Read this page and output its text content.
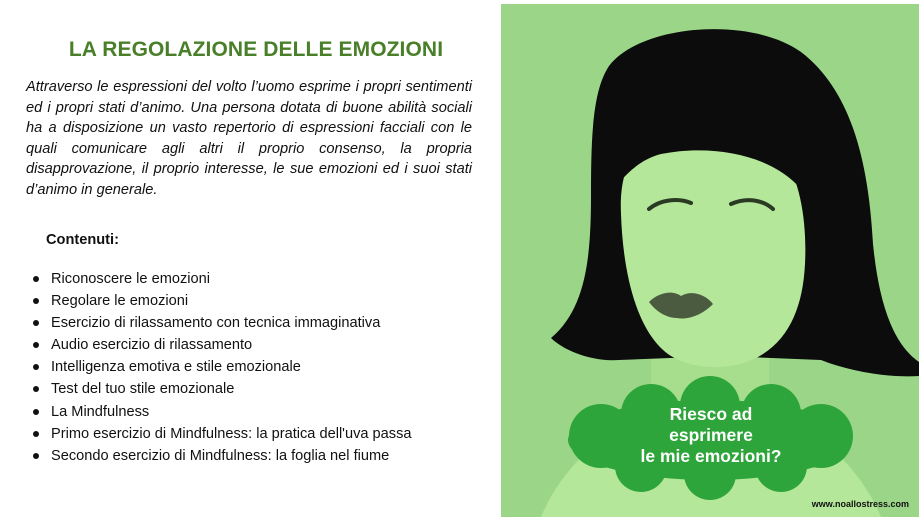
LA REGOLAZIONE DELLE EMOZIONI
Attraverso le espressioni del volto l’uomo esprime i propri sentimenti ed i propri stati d’animo. Una persona dotata di buone abilità sociali ha a disposizione un vasto repertorio di espressioni facciali con le quali comunicare agli altri il proprio consenso, la propria disapprovazione, il proprio interesse, le sue emozioni ed i suoi stati d’animo in generale.
Contenuti:
Riconoscere le emozioni
Regolare le emozioni
Esercizio di rilassamento con tecnica immaginativa
Audio esercizio di rilassamento
Intelligenza emotiva e stile emozionale
Test del tuo stile emozionale
La Mindfulness
Primo esercizio di Mindfulness: la pratica dell'uva passa
Secondo esercizio di Mindfulness: la foglia nel fiume
Riesco ad
esprimere
le mie emozioni?
www.noallostress.com
